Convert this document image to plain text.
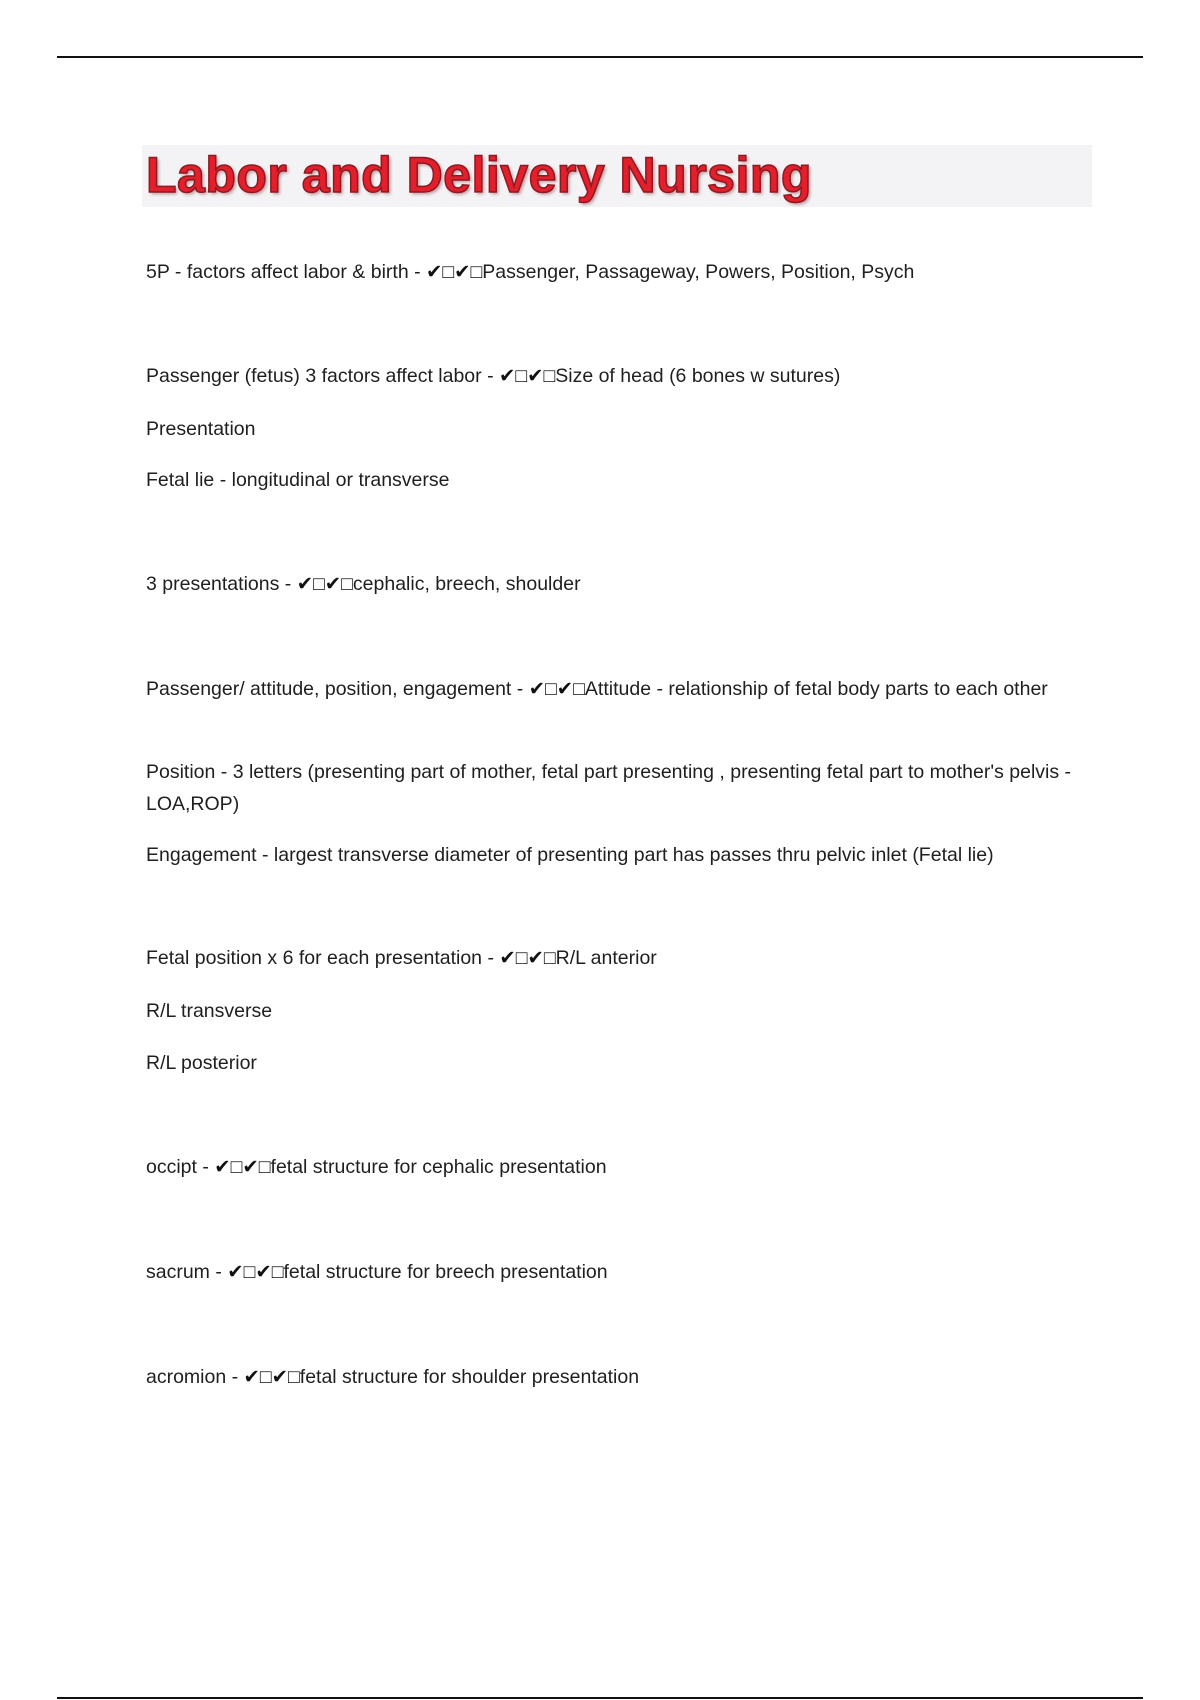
Labor and Delivery Nursing

5P - factors affect labor & birth - ✔□✔□Passenger, Passageway, Powers, Position, Psych

Passenger (fetus) 3 factors affect labor - ✔□✔□Size of head (6 bones w sutures)

Presentation

Fetal lie - longitudinal or transverse

3 presentations - ✔□✔□cephalic, breech, shoulder

Passenger/ attitude, position, engagement - ✔□✔□Attitude - relationship of fetal body parts to each other

Position - 3 letters (presenting part of mother, fetal part presenting , presenting fetal part to mother's pelvis - LOA,ROP)

Engagement - largest transverse diameter of presenting part has passes thru pelvic inlet (Fetal lie)

Fetal position x 6 for each presentation - ✔□✔□R/L anterior

R/L transverse

R/L posterior

occipt - ✔□✔□fetal structure for cephalic presentation

sacrum - ✔□✔□fetal structure for breech presentation

acromion - ✔□✔□fetal structure for shoulder presentation
